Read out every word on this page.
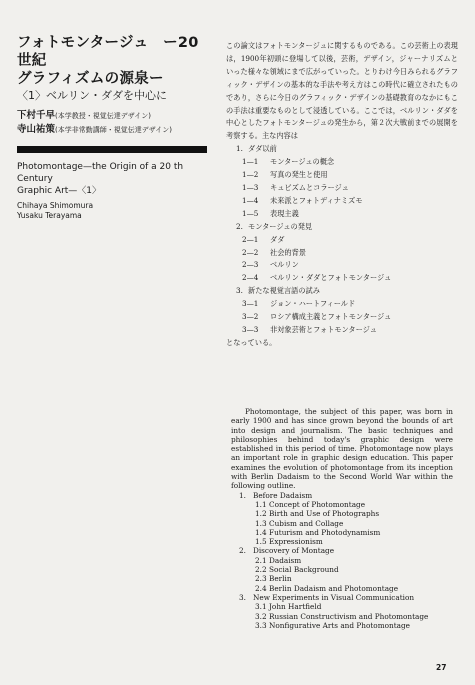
フォトモンタージュ　ー20世紀
グラフィズムの源泉ー
〈1〉ベルリン・ダダを中心に
下村千早(本学教授・視覚伝達デザイン)
寺山祐策(本学非常勤講師・視覚伝達デザイン)
Photomontage—the Origin of a 20 th Century
Graphic Art—〈1〉
Chihaya Shimomura
Yusaku Terayama

この論文はフォトモンタージュに関するものである。この芸術上の表現は，1900年初頭に登場して以後，芸術，デザイン，ジャーナリズムといった様々な領域にまで広がっていった。とりわけ今日みられるグラフィック・デザインの基本的な手法や考え方はこの時代に確立されたものであり，さらに今日のグラフィック・デザインの基礎教育のなかにもこの手法は重要なものとして浸透している。ここでは，ベルリン・ダダを中心としたフォトモンタージュの発生から，第２次大戦前までの展開を考察する。主な内容は

1. ダダ以前
1—1 モンタージュの概念
1—2 写真の発生と使用
1—3 キュビズムとコラージュ
1—4 未来派とフォトディナミズモ
1—5 表現主義
2. モンタージュの発見
2—1 ダダ
2—2 社会的背景
2—3 ベルリン
2—4 ベルリン・ダダとフォトモンタージュ
3. 新たな視覚言語の試み
3—1 ジョン・ハートフィールド
3—2 ロシア構成主義とフォトモンタージュ
3—3 非対象芸術とフォトモンタージュ

となっている。

Photomontage, the subject of this paper, was born in early 1900 and has since grown beyond the bounds of art into design and journalism. The basic techniques and philosophies behind today's graphic design were established in this period of time. Photomontage now plays an important role in graphic design education. This paper examines the evolution of photomontage from its inception with Berlin Dadaism to the Second World War within the following outline.

1. Before Dadaism
1.1 Concept of Photomontage
1.2 Birth and Use of Photographs
1.3 Cubism and Collage
1.4 Futurism and Photodynamism
1.5 Expressionism
2. Discovery of Montage
2.1 Dadaism
2.2 Social Background
2.3 Berlin
2.4 Berlin Dadaism and Photomontage
3. New Experiments in Visual Communication
3.1 John Hartfield
3.2 Russian Constructivism and Photomontage
3.3 Nonfigurative Arts and Photomontage
27
